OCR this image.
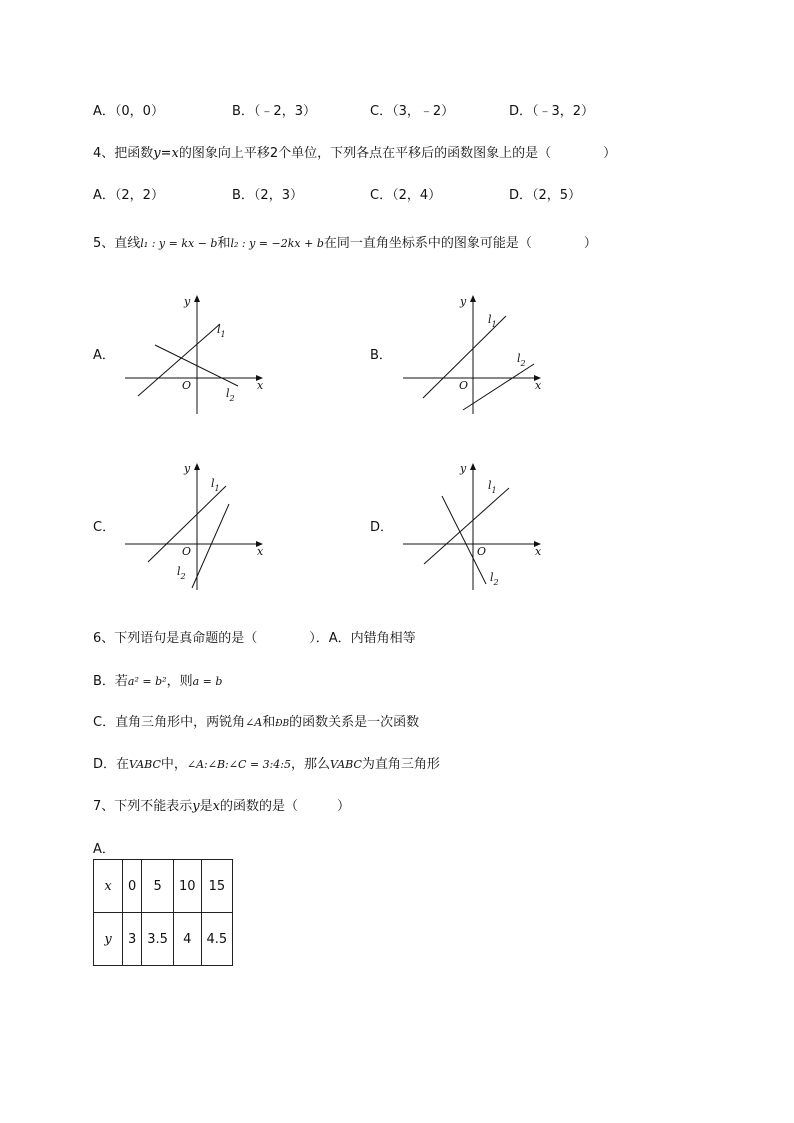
A．（0，0）	B．（﹣2，3）	C．（3，﹣2）	D．（﹣3，2）
4、把函数y=x的图象向上平移2个单位，下列各点在平移后的函数图象上的是（　　　　）
A．（2，2）	B．（2，3）	C．（2，4）	D．（2，5）
5、直线l₁ : y = kx − b和l₂ : y = −2kx + b在同一直角坐标系中的图象可能是（　　　　）
A．
x
y
O
$l_1$
$l_2$
B．
x
y
O
$l_1$
$l_2$
C．
x
y
O
$l_1$
$l_2$
D．
x
y
O
$l_1$
$l_2$
6、下列语句是真命题的是（　　　　）．A．内错角相等
B．若a² = b²，则a = b
C．直角三角形中，两锐角∠A和ÐB的函数关系是一次函数
D．在VABC中，∠A:∠B:∠C = 3:4:5，那么VABC为直角三角形
7、下列不能表示y是x的函数的是（　　　）
A．
x	0	5	10	15
y	3	3.5	4	4.5
